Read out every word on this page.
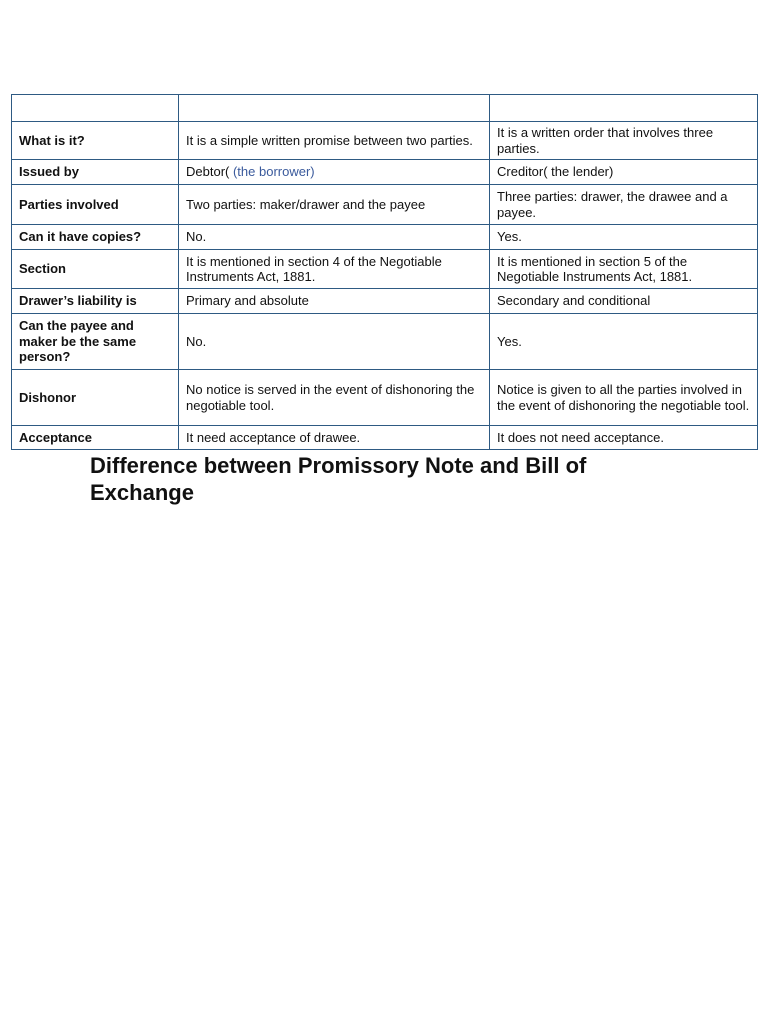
What is it?	It is a simple written promise between two parties.	It is a written order that involves three parties.
Issued by	Debtor( (the borrower)	Creditor( the lender)
Parties involved	Two parties: maker/drawer and the payee	Three parties: drawer, the drawee and a payee.
Can it have copies?	No.	Yes.
Section	It is mentioned in section 4 of the Negotiable Instruments Act, 1881.	It is mentioned in section 5 of the Negotiable Instruments Act, 1881.
Drawer’s liability is	Primary and absolute	Secondary and conditional
Can the payee and maker be the same person?	No.	Yes.
Dishonor	No notice is served in the event of dishonoring the negotiable tool.	Notice is given to all the parties involved in the event of dishonoring the negotiable tool.
Acceptance	It need acceptance of drawee.	It does not need acceptance.
Difference between Promissory Note and Bill of Exchange
